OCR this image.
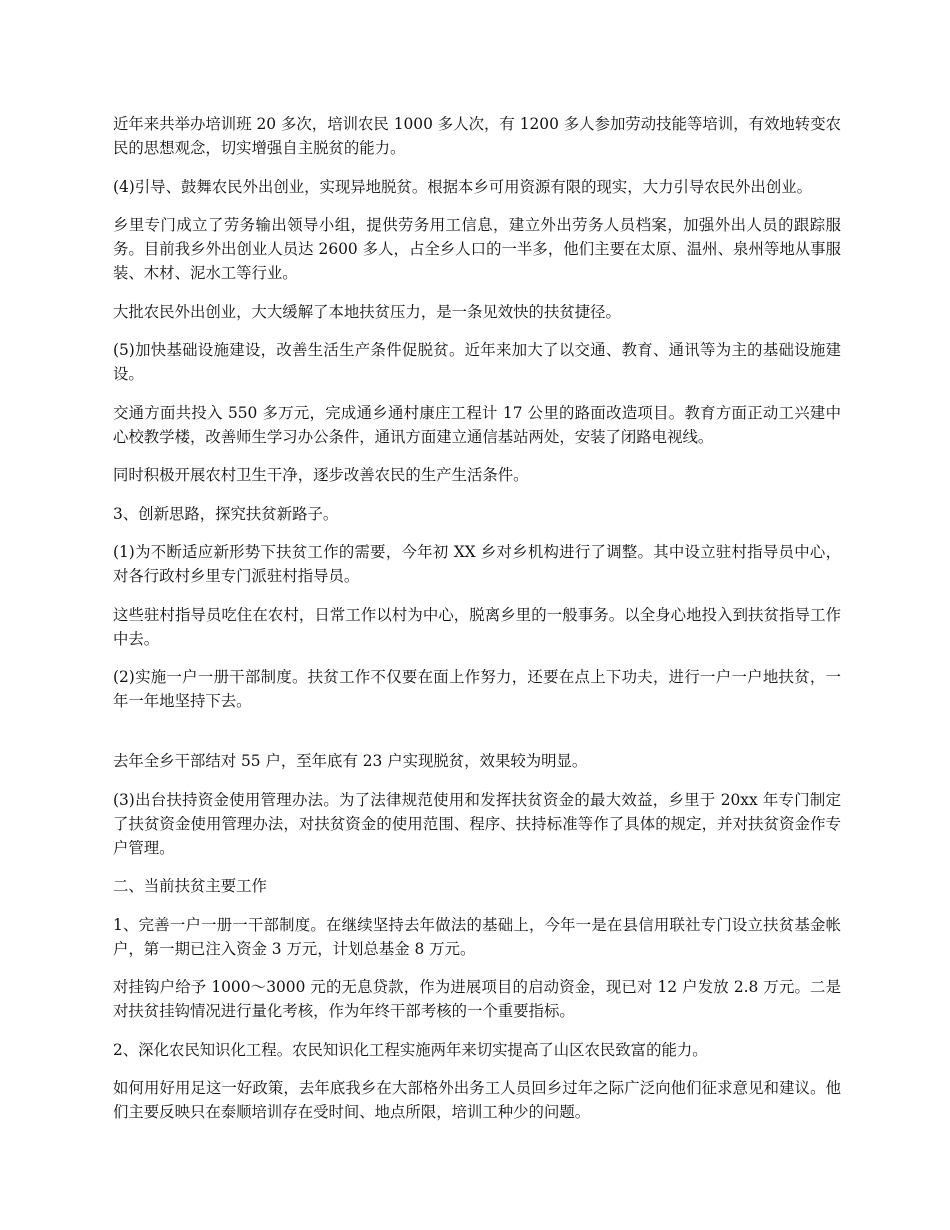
近年来共举办培训班 20 多次，培训农民 1000 多人次，有 1200 多人参加劳动技能等培训，有效地转变农民的思想观念，切实增强自主脱贫的能力。

(4)引导、鼓舞农民外出创业，实现异地脱贫。根据本乡可用资源有限的现实，大力引导农民外出创业。

乡里专门成立了劳务输出领导小组，提供劳务用工信息，建立外出劳务人员档案，加强外出人员的跟踪服务。目前我乡外出创业人员达 2600 多人，占全乡人口的一半多，他们主要在太原、温州、泉州等地从事服装、木材、泥水工等行业。

大批农民外出创业，大大缓解了本地扶贫压力，是一条见效快的扶贫捷径。

(5)加快基础设施建设，改善生活生产条件促脱贫。近年来加大了以交通、教育、通讯等为主的基础设施建设。

交通方面共投入 550 多万元，完成通乡通村康庄工程计 17 公里的路面改造项目。教育方面正动工兴建中心校教学楼，改善师生学习办公条件，通讯方面建立通信基站两处，安装了闭路电视线。

同时积极开展农村卫生干净，逐步改善农民的生产生活条件。

3、创新思路，探究扶贫新路子。

(1)为不断适应新形势下扶贫工作的需要，今年初 XX 乡对乡机构进行了调整。其中设立驻村指导员中心，对各行政村乡里专门派驻村指导员。

这些驻村指导员吃住在农村，日常工作以村为中心，脱离乡里的一般事务。以全身心地投入到扶贫指导工作中去。

(2)实施一户一册干部制度。扶贫工作不仅要在面上作努力，还要在点上下功夫，进行一户一户地扶贫，一年一年地坚持下去。

去年全乡干部结对 55 户，至年底有 23 户实现脱贫，效果较为明显。

(3)出台扶持资金使用管理办法。为了法律规范使用和发挥扶贫资金的最大效益，乡里于 20xx 年专门制定了扶贫资金使用管理办法，对扶贫资金的使用范围、程序、扶持标准等作了具体的规定，并对扶贫资金作专户管理。

二、当前扶贫主要工作

1、完善一户一册一干部制度。在继续坚持去年做法的基础上，今年一是在县信用联社专门设立扶贫基金帐户，第一期已注入资金 3 万元，计划总基金 8 万元。

对挂钩户给予 1000～3000 元的无息贷款，作为进展项目的启动资金，现已对 12 户发放 2.8 万元。二是对扶贫挂钩情况进行量化考核，作为年终干部考核的一个重要指标。

2、深化农民知识化工程。农民知识化工程实施两年来切实提高了山区农民致富的能力。

如何用好用足这一好政策，去年底我乡在大部格外出务工人员回乡过年之际广泛向他们征求意见和建议。他们主要反映只在泰顺培训存在受时间、地点所限，培训工种少的问题。
